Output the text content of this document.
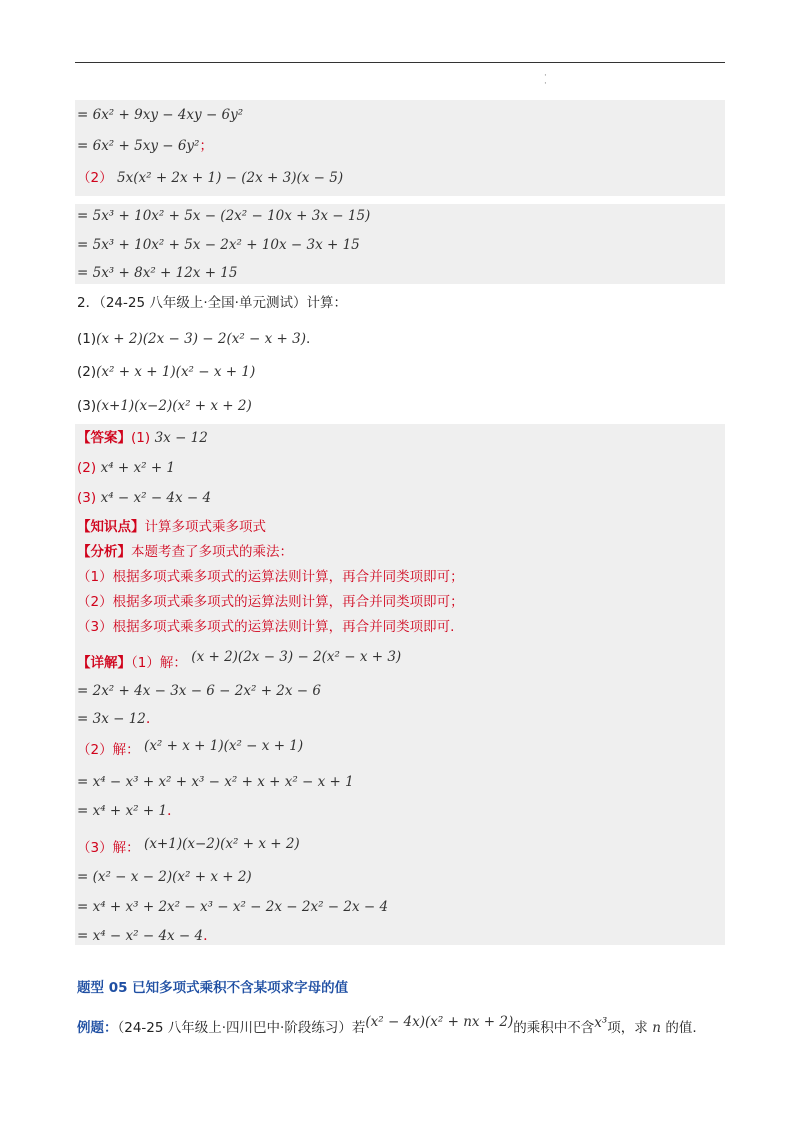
·
·
= 6x² + 9xy − 4xy − 6y²
= 6x² + 5xy − 6y²；
（2） 5x(x² + 2x + 1) − (2x + 3)(x − 5)
= 5x³ + 10x² + 5x − (2x² − 10x + 3x − 15)
= 5x³ + 10x² + 5x − 2x² + 10x − 3x + 15
= 5x³ + 8x² + 12x + 15
2．（24-25 八年级上·全国·单元测试）计算：
(1)(x + 2)(2x − 3) − 2(x² − x + 3).
(2)(x² + x + 1)(x² − x + 1)
(3)(x+1)(x−2)(x² + x + 2)
【答案】(1) 3x − 12
(2) x⁴ + x² + 1
(3) x⁴ − x² − 4x − 4
【知识点】计算多项式乘多项式
【分析】本题考查了多项式的乘法：
（1）根据多项式乘多项式的运算法则计算，再合并同类项即可；
（2）根据多项式乘多项式的运算法则计算，再合并同类项即可；
（3）根据多项式乘多项式的运算法则计算，再合并同类项即可.
【详解】（1）解： (x + 2)(2x − 3) − 2(x² − x + 3)
= 2x² + 4x − 3x − 6 − 2x² + 2x − 6
= 3x − 12.
（2）解： (x² + x + 1)(x² − x + 1)
= x⁴ − x³ + x² + x³ − x² + x + x² − x + 1
= x⁴ + x² + 1.
（3）解： (x+1)(x−2)(x² + x + 2)
= (x² − x − 2)(x² + x + 2)
= x⁴ + x³ + 2x² − x³ − x² − 2x − 2x² − 2x − 4
= x⁴ − x² − 4x − 4.
题型 05 已知多项式乘积不含某项求字母的值
例题：（24-25 八年级上·四川巴中·阶段练习）若(x² − 4x)(x² + nx + 2)的乘积中不含x³项，求 n 的值.
